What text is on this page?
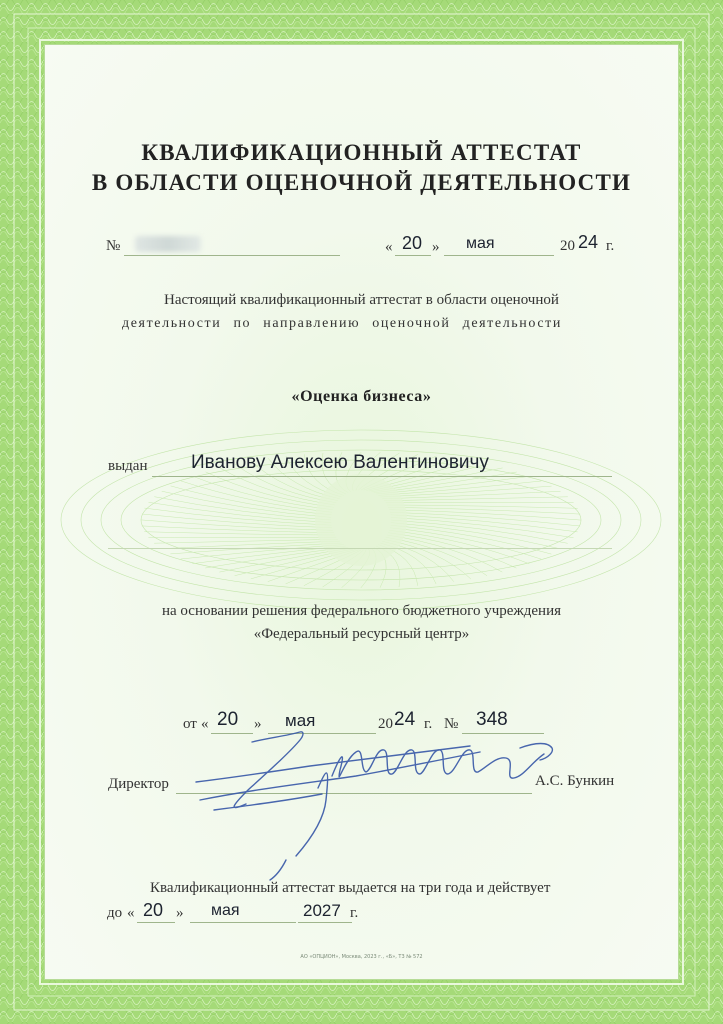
КВАЛИФИКАЦИОННЫЙ АТТЕСТАТ
В ОБЛАСТИ ОЦЕНОЧНОЙ ДЕЯТЕЛЬНОСТИ
№	« 20 » мая	20 24 г.
Настоящий квалификационный аттестат в области оценочной
деятельности по направлению оценочной деятельности
«Оценка бизнеса»
выдан Иванову Алексею Валентиновичу
на основании решения федерального бюджетного учреждения
«Федеральный ресурсный центр»
от « 20 » мая	20 24 г. № 348
Директор	А.С. Бункин
Квалификационный аттестат выдается на три года и действует
до « 20 » мая	2027 г.
АО «ОПЦИОН», Москва, 2023 г., «Б», Т3 № 572
